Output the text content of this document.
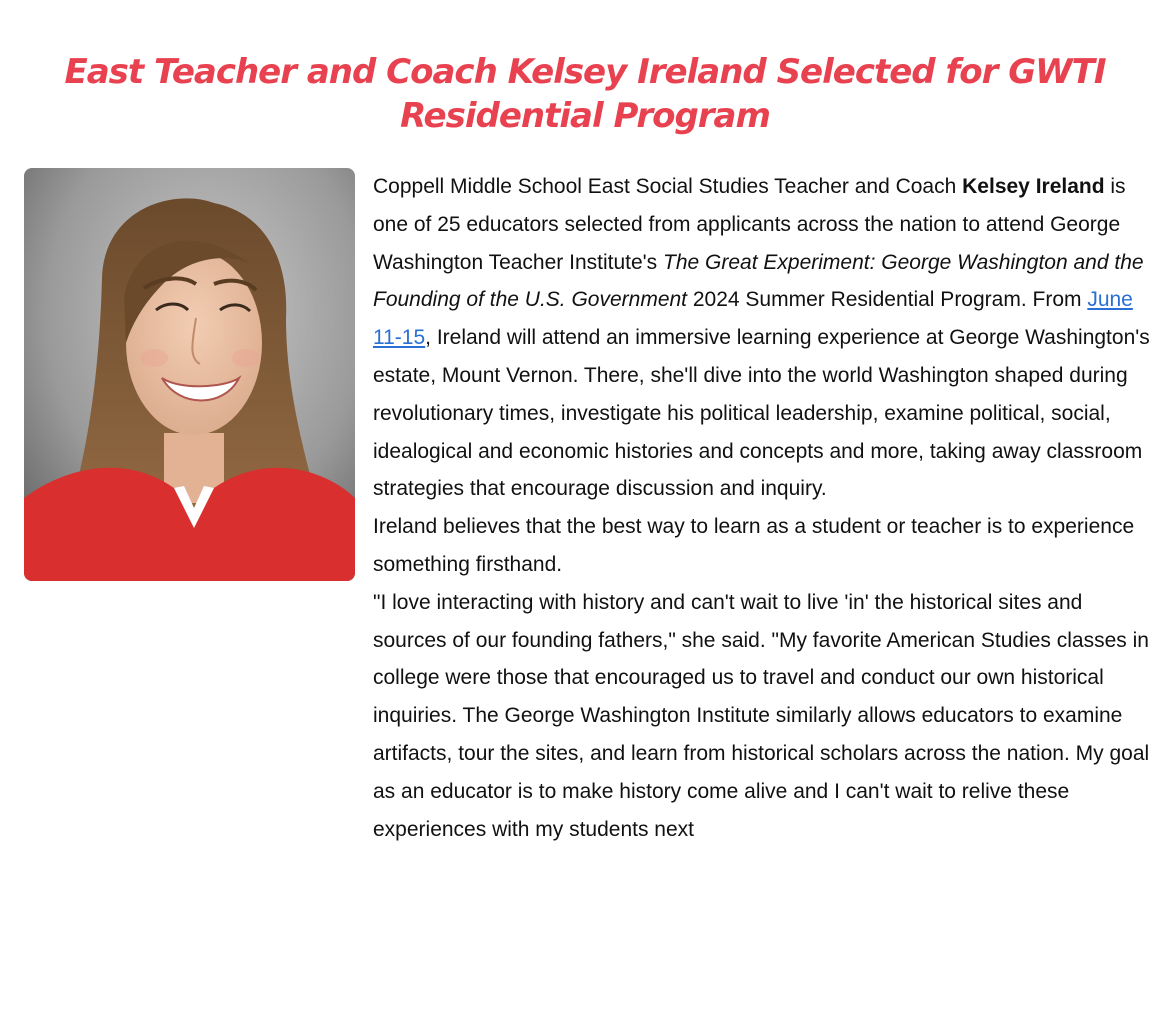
East Teacher and Coach Kelsey Ireland Selected for GWTI Residential Program

Coppell Middle School East Social Studies Teacher and Coach Kelsey Ireland is one of 25 educators selected from applicants across the nation to attend George Washington Teacher Institute's The Great Experiment: George Washington and the Founding of the U.S. Government 2024 Summer Residential Program. From June 11-15, Ireland will attend an immersive learning experience at George Washington's estate, Mount Vernon. There, she'll dive into the world Washington shaped during revolutionary times, investigate his political leadership, examine political, social, idealogical and economic histories and concepts and more, taking away classroom strategies that encourage discussion and inquiry.

Ireland believes that the best way to learn as a student or teacher is to experience something firsthand.

"I love interacting with history and can't wait to live 'in' the historical sites and sources of our founding fathers," she said. "My favorite American Studies classes in college were those that encouraged us to travel and conduct our own historical inquiries. The George Washington Institute similarly allows educators to examine artifacts, tour the sites, and learn from historical scholars across the nation. My goal as an educator is to make history come alive and I can't wait to relive these experiences with my students next
